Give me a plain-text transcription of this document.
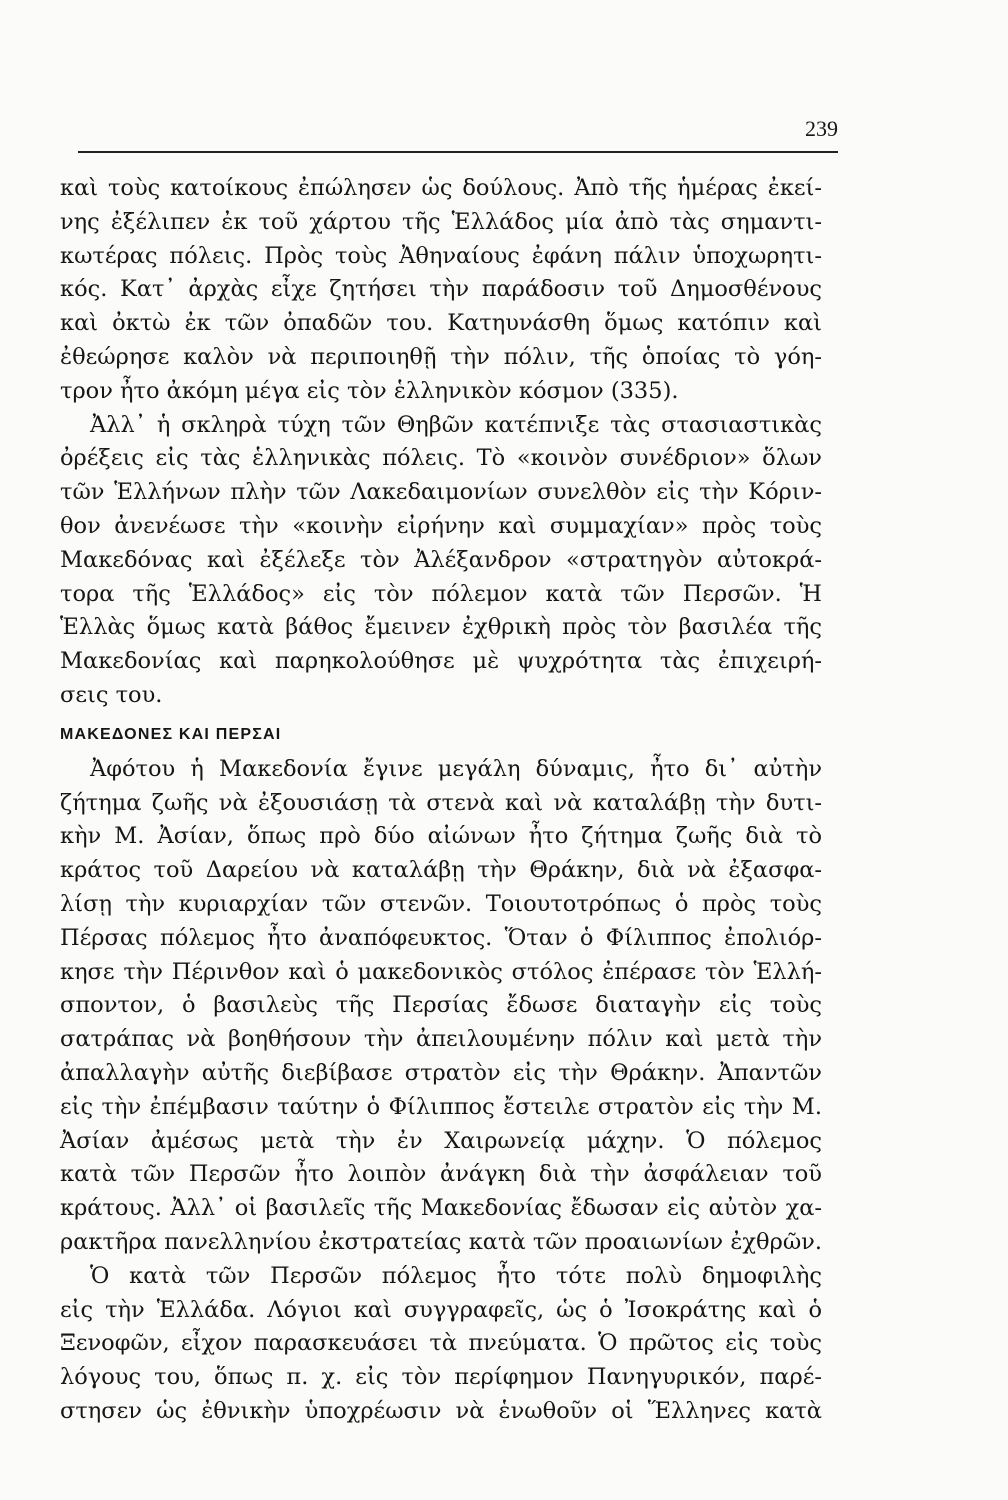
239
καὶ τοὺς κατοίκους ἐπώλησεν ὡς δούλους. Ἀπὸ τῆς ἡμέρας ἐκεί-
νης ἐξέλιπεν ἐκ τοῦ χάρτου τῆς Ἑλλάδος μία ἀπὸ τὰς σημαντι-
κωτέρας πόλεις. Πρὸς τοὺς Ἀθηναίους ἐφάνη πάλιν ὑποχωρητι-
κός. Κατ᾿ ἀρχὰς εἶχε ζητήσει τὴν παράδοσιν τοῦ Δημοσθένους
καὶ ὀκτὼ ἐκ τῶν ὀπαδῶν του. Κατηυνάσθη ὅμως κατόπιν καὶ
ἐθεώρησε καλὸν νὰ περιποιηθῇ τὴν πόλιν, τῆς ὁποίας τὸ γόη-
τρον ἦτο ἀκόμη μέγα εἰς τὸν ἑλληνικὸν κόσμον (335).
Ἀλλ᾿ ἡ σκληρὰ τύχη τῶν Θηβῶν κατέπνιξε τὰς στασιαστικὰς
ὀρέξεις εἰς τὰς ἑλληνικὰς πόλεις. Τὸ «κοινὸν συνέδριον» ὅλων
τῶν Ἑλλήνων πλὴν τῶν Λακεδαιμονίων συνελθὸν εἰς τὴν Κόριν-
θον ἀνενέωσε τὴν «κοινὴν εἰρήνην καὶ συμμαχίαν» πρὸς τοὺς
Μακεδόνας καὶ ἐξέλεξε τὸν Ἀλέξανδρον «στρατηγὸν αὐτοκρά-
τορα τῆς Ἑλλάδος» εἰς τὸν πόλεμον κατὰ τῶν Περσῶν. Ἡ
Ἑλλὰς ὅμως κατὰ βάθος ἔμεινεν ἐχθρικὴ πρὸς τὸν βασιλέα τῆς
Μακεδονίας καὶ παρηκολούθησε μὲ ψυχρότητα τὰς ἐπιχειρή-
σεις του.
ΜΑΚΕΔΟΝΕΣ ΚΑΙ ΠΕΡΣΑΙ
Ἀφότου ἡ Μακεδονία ἔγινε μεγάλη δύναμις, ἦτο δι᾿ αὐτὴν
ζήτημα ζωῆς νὰ ἐξουσιάσῃ τὰ στενὰ καὶ νὰ καταλάβῃ τὴν δυτι-
κὴν Μ. Ἀσίαν, ὅπως πρὸ δύο αἰώνων ἦτο ζήτημα ζωῆς διὰ τὸ
κράτος τοῦ Δαρείου νὰ καταλάβῃ τὴν Θράκην, διὰ νὰ ἐξασφα-
λίσῃ τὴν κυριαρχίαν τῶν στενῶν. Τοιουτοτρόπως ὁ πρὸς τοὺς
Πέρσας πόλεμος ἦτο ἀναπόφευκτος. Ὅταν ὁ Φίλιππος ἐπολιόρ-
κησε τὴν Πέρινθον καὶ ὁ μακεδονικὸς στόλος ἐπέρασε τὸν Ἑλλή-
σποντον, ὁ βασιλεὺς τῆς Περσίας ἔδωσε διαταγὴν εἰς τοὺς
σατράπας νὰ βοηθήσουν τὴν ἀπειλουμένην πόλιν καὶ μετὰ τὴν
ἀπαλλαγὴν αὐτῆς διεβίβασε στρατὸν εἰς τὴν Θράκην. Ἀπαντῶν
εἰς τὴν ἐπέμβασιν ταύτην ὁ Φίλιππος ἔστειλε στρατὸν εἰς τὴν Μ.
Ἀσίαν ἀμέσως μετὰ τὴν ἐν Χαιρωνείᾳ μάχην. Ὁ πόλεμος
κατὰ τῶν Περσῶν ἦτο λοιπὸν ἀνάγκη διὰ τὴν ἀσφάλειαν τοῦ
κράτους. Ἀλλ᾿ οἱ βασιλεῖς τῆς Μακεδονίας ἔδωσαν εἰς αὐτὸν χα-
ρακτῆρα πανελληνίου ἐκστρατείας κατὰ τῶν προαιωνίων ἐχθρῶν.
Ὁ κατὰ τῶν Περσῶν πόλεμος ἦτο τότε πολὺ δημοφιλὴς
εἰς τὴν Ἑλλάδα. Λόγιοι καὶ συγγραφεῖς, ὡς ὁ Ἰσοκράτης καὶ ὁ
Ξενοφῶν, εἶχον παρασκευάσει τὰ πνεύματα. Ὁ πρῶτος εἰς τοὺς
λόγους του, ὅπως π. χ. εἰς τὸν περίφημον Πανηγυρικόν, παρέ-
στησεν ὡς ἐθνικὴν ὑποχρέωσιν νὰ ἑνωθοῦν οἱ Ἕλληνες κατὰ
